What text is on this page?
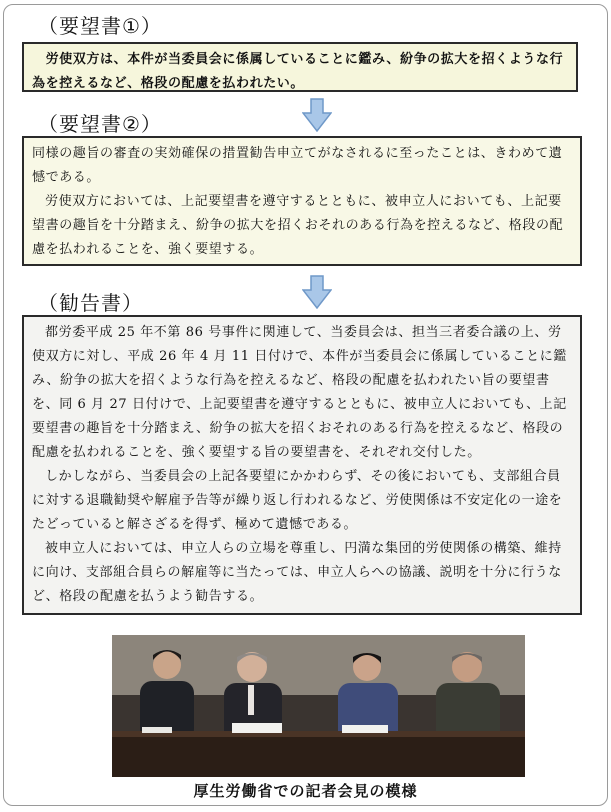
（要望書①）

　労使双方は、本件が当委員会に係属していることに鑑み、紛争の拡大を招くような行為を控えるなど、格段の配慮を払われたい。

（要望書②）

同様の趣旨の審査の実効確保の措置勧告申立てがなされるに至ったことは、きわめて遺憾である。

労使双方においては、上記要望書を遵守するとともに、被申立人においても、上記要望書の趣旨を十分踏まえ、紛争の拡大を招くおそれのある行為を控えるなど、格段の配慮を払われることを、強く要望する。

（勧告書）

都労委平成 25 年不第 86 号事件に関連して、当委員会は、担当三者委合議の上、労使双方に対し、平成 26 年 4 月 11 日付けで、本件が当委員会に係属していることに鑑み、紛争の拡大を招くような行為を控えるなど、格段の配慮を払われたい旨の要望書を、同 6 月 27 日付けで、上記要望書を遵守するとともに、被申立人においても、上記要望書の趣旨を十分踏まえ、紛争の拡大を招くおそれのある行為を控えるなど、格段の配慮を払われることを、強く要望する旨の要望書を、それぞれ交付した。

しかしながら、当委員会の上記各要望にかかわらず、その後においても、支部組合員に対する退職勧奨や解雇予告等が繰り返し行われるなど、労使関係は不安定化の一途をたどっていると解さざるを得ず、極めて遺憾である。

被申立人においては、申立人らの立場を尊重し、円満な集団的労使関係の構築、維持に向け、支部組合員らの解雇等に当たっては、申立人らへの協議、説明を十分に行うなど、格段の配慮を払うよう勧告する。

厚生労働省での記者会見の模様
